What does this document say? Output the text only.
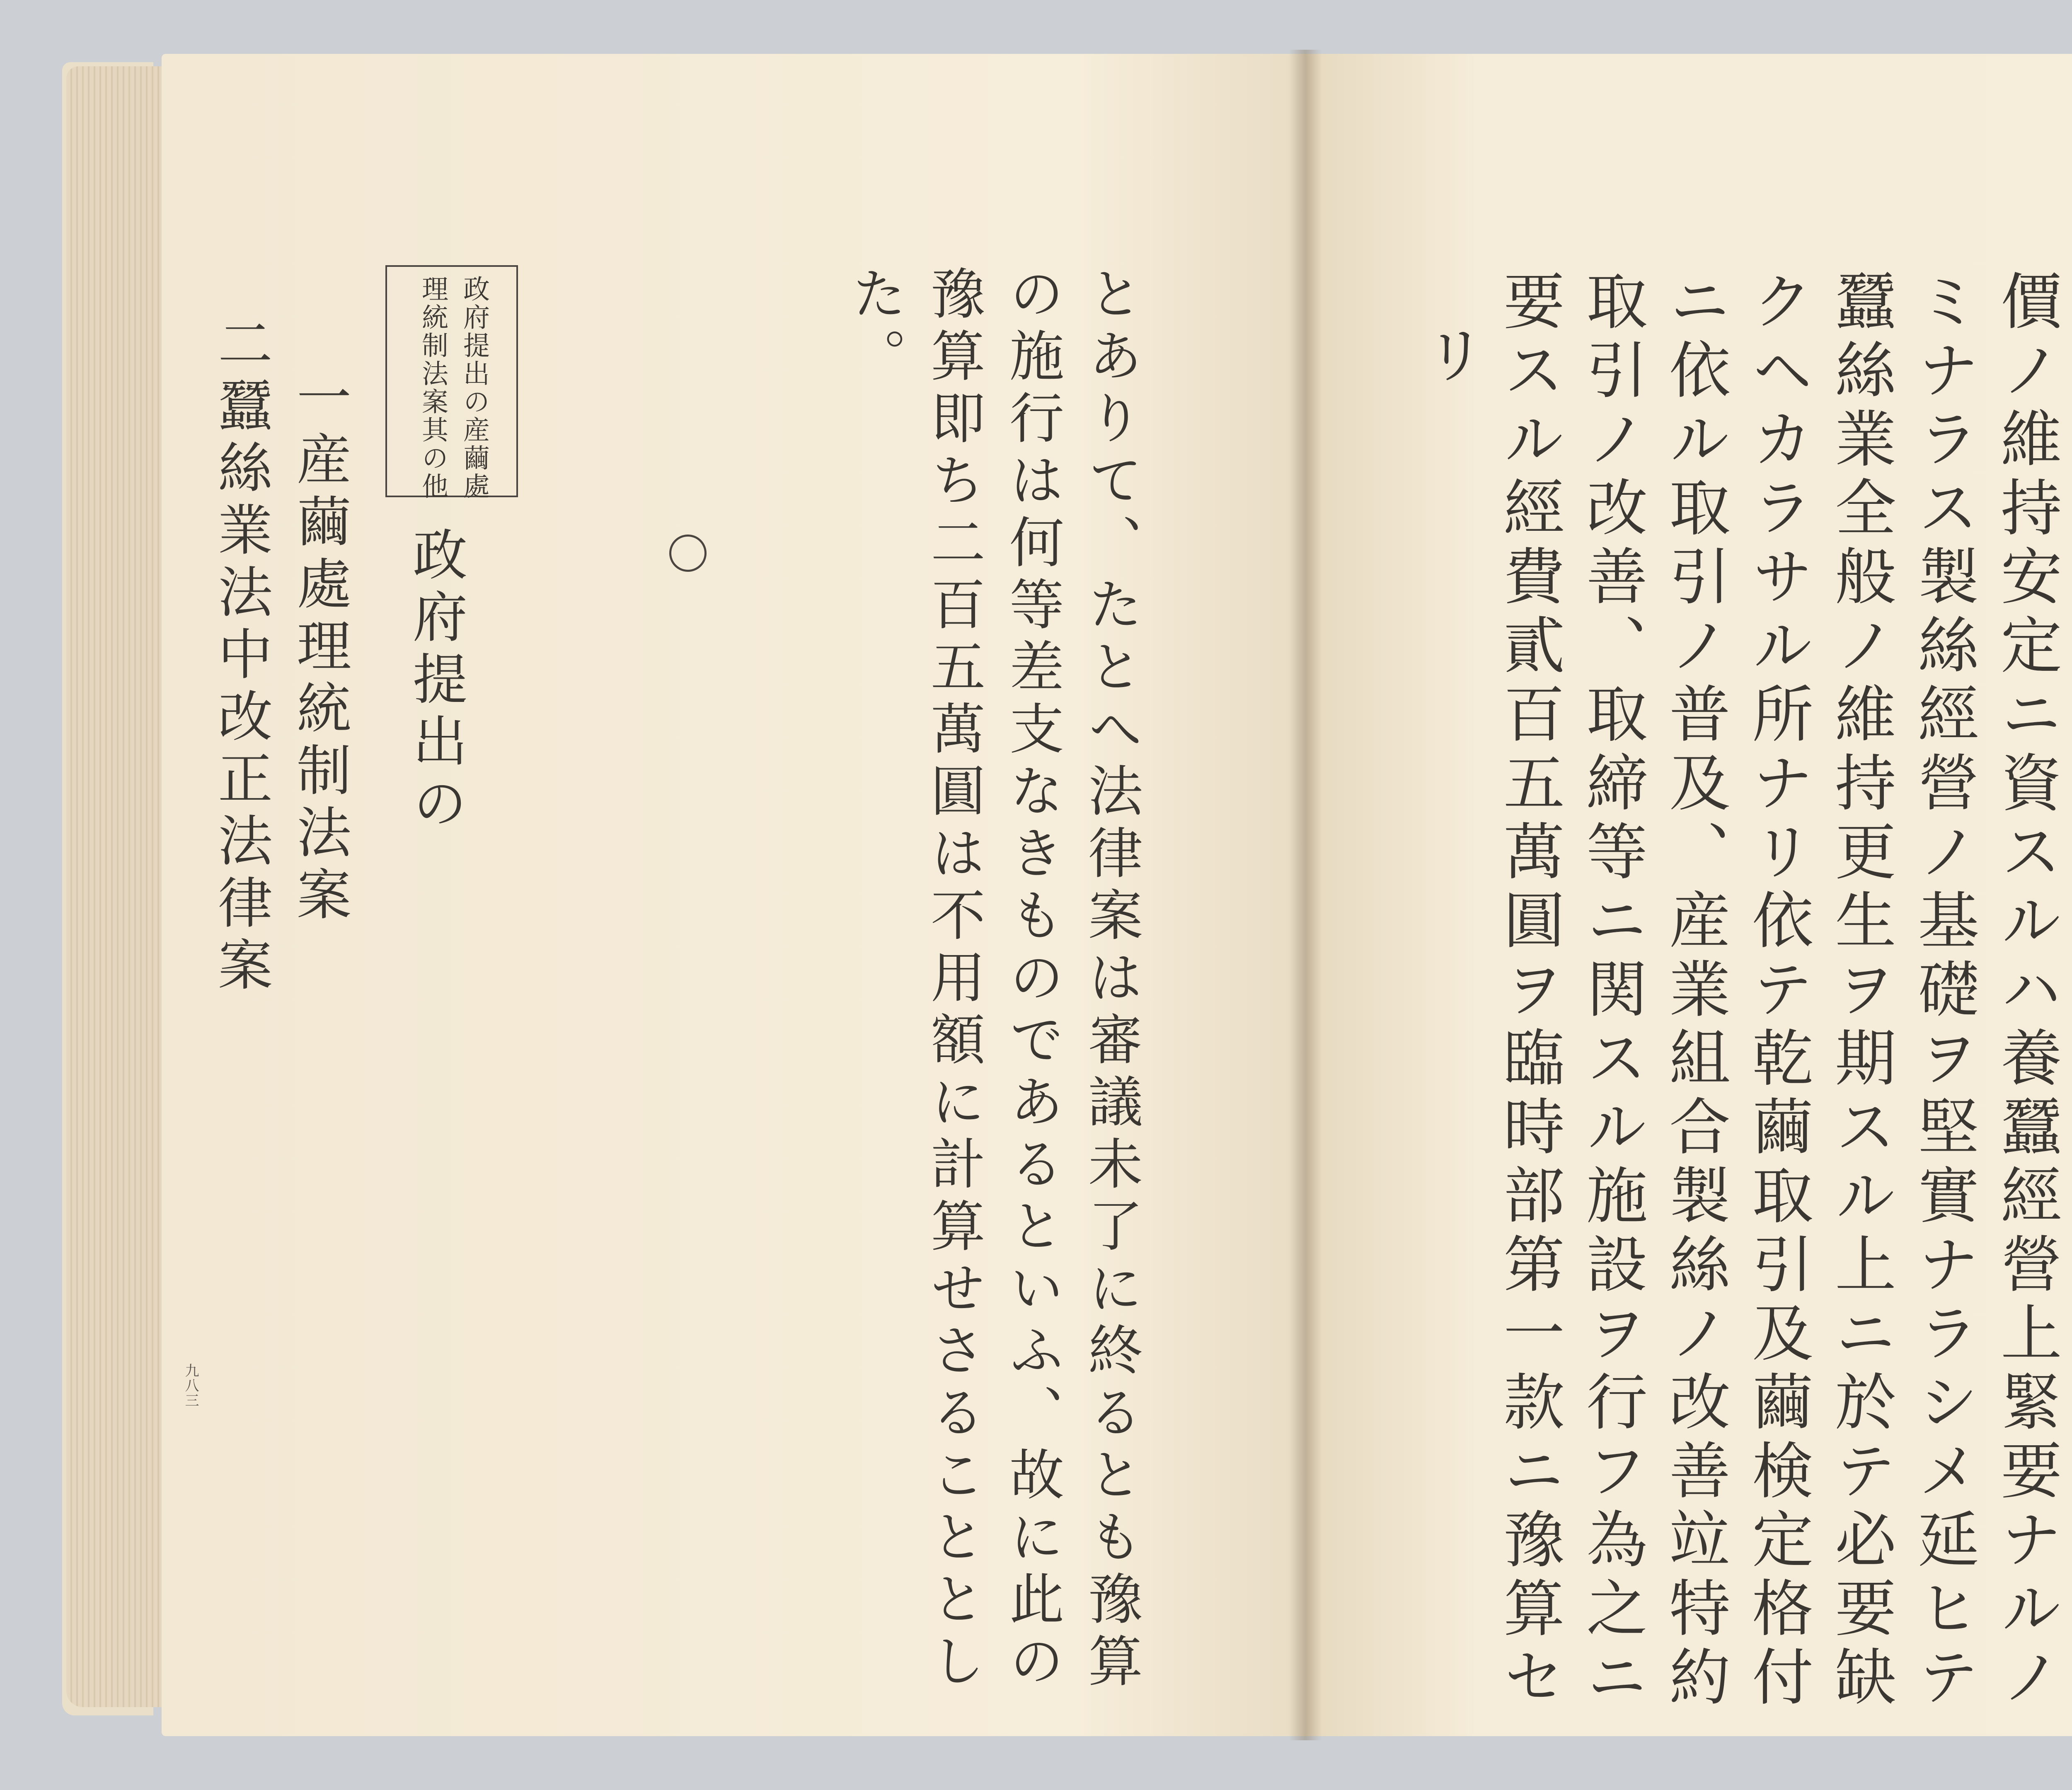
價ノ維持安定ニ資スルハ養蠶經營上緊要ナルノ
ミナラス製絲經營ノ基礎ヲ堅實ナラシメ延ヒテ
蠶絲業全般ノ維持更生ヲ期スル上ニ於テ必要缺
クヘカラサル所ナリ依テ乾繭取引及繭検定格付
ニ依ル取引ノ普及、産業組合製絲ノ改善竝特約
取引ノ改善、取締等ニ関スル施設ヲ行フ為之ニ
要スル經費貳百五萬圓ヲ臨時部第一款ニ豫算セ
リ
とありて、たとへ法律案は審議未了に終るとも豫算
の施行は何等差支なきものであるといふ、故に此の
豫算即ち二百五萬圓は不用額に計算せさることとし
た。
政府提出の
一産繭處理統制法案
二蠶絲業法中改正法律案	政府提出の産繭處
理統制法案其の他
九八三
